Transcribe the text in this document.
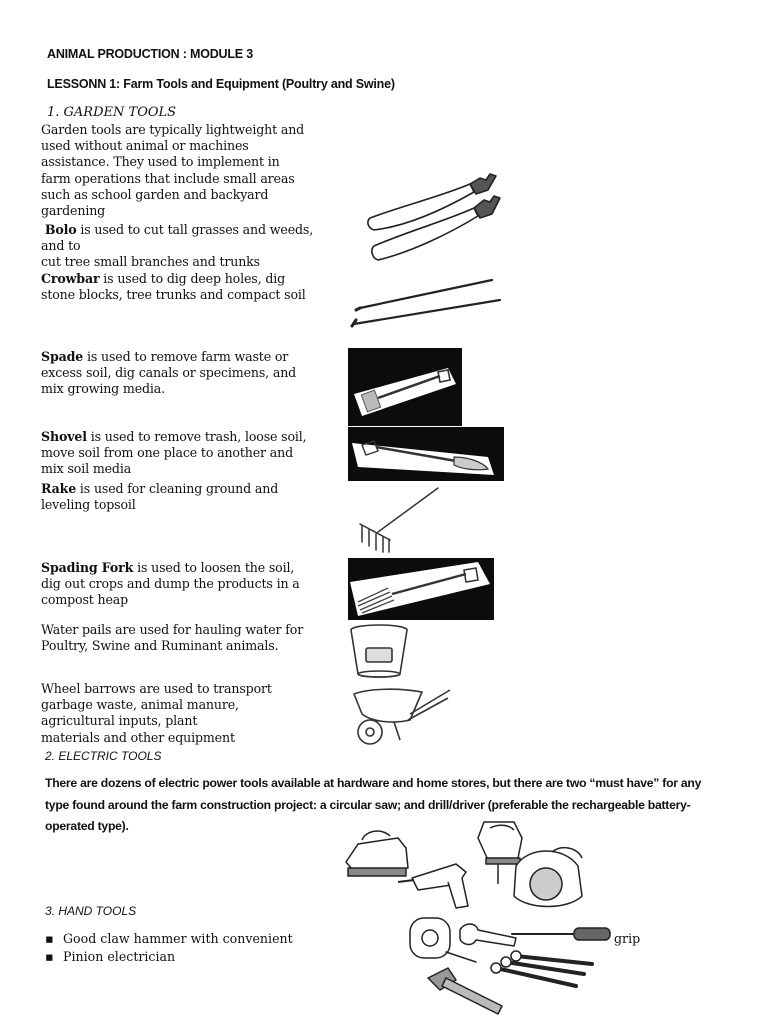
ANIMAL PRODUCTION : MODULE 3
LESSONN 1: Farm Tools and Equipment (Poultry and Swine)
1. GARDEN TOOLS
Garden tools are typically lightweight and
used without animal or machines
assistance. They used to implement in
farm operations that include small areas
such as school garden and backyard
gardening
Bolo is used to cut tall grasses and weeds,
and to
cut tree small branches and trunks
Crowbar is used to dig deep holes, dig
stone blocks, tree trunks and compact soil
Spade is used to remove farm waste or
excess soil, dig canals or specimens, and
mix growing media.
Shovel is used to remove trash, loose soil,
move soil from one place to another and
mix soil media
Rake is used for cleaning ground and
leveling topsoil
Spading Fork is used to loosen the soil,
dig out crops and dump the products in a
compost heap
Water pails are used for hauling water for
Poultry, Swine and Ruminant animals.
Wheel barrows are used to transport
garbage waste, animal manure,
agricultural inputs, plant
materials and other equipment
2. ELECTRIC TOOLS
There are dozens of electric power tools available at hardware and home stores, but there are two “must have” for any
type found around the farm construction project: a circular saw; and drill/driver (preferable the rechargeable battery-
operated type).
3. HAND TOOLS
▪ Good claw hammer with convenient
▪ Pinion electrician
grip
